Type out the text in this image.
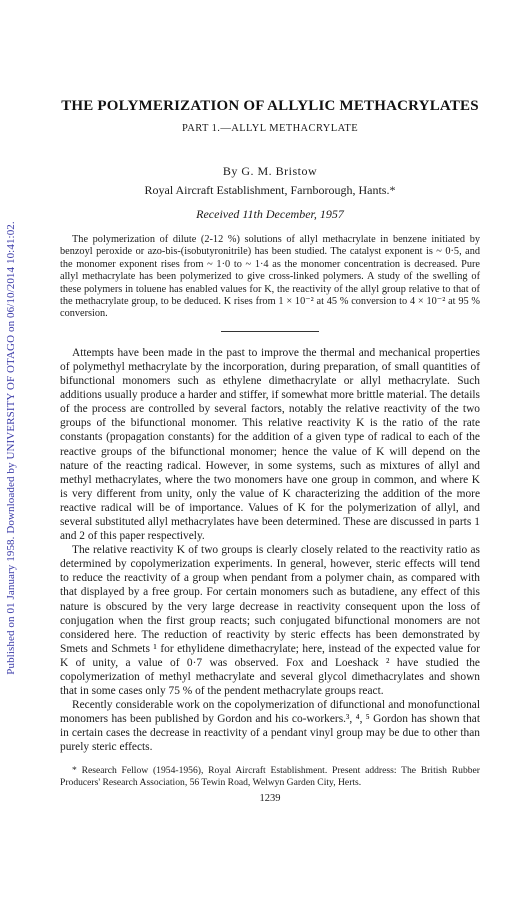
Published on 01 January 1958. Downloaded by UNIVERSITY OF OTAGO on 06/10/2014 10:41:02.
THE POLYMERIZATION OF ALLYLIC METHACRYLATES
PART 1.—ALLYL METHACRYLATE
By G. M. Bristow
Royal Aircraft Establishment, Farnborough, Hants.*
Received 11th December, 1957

The polymerization of dilute (2-12 %) solutions of allyl methacrylate in benzene initiated by benzoyl peroxide or azo-bis-(isobutyronitrile) has been studied. The catalyst exponent is ~ 0·5, and the monomer exponent rises from ~ 1·0 to ~ 1·4 as the monomer concentration is decreased. Pure allyl methacrylate has been polymerized to give cross-linked polymers. A study of the swelling of these polymers in toluene has enabled values for K, the reactivity of the allyl group relative to that of the methacrylate group, to be deduced. K rises from 1 × 10⁻² at 45 % conversion to 4 × 10⁻² at 95 % conversion.

Attempts have been made in the past to improve the thermal and mechanical properties of polymethyl methacrylate by the incorporation, during preparation, of small quantities of bifunctional monomers such as ethylene dimethacrylate or allyl methacrylate. Such additions usually produce a harder and stiffer, if somewhat more brittle material. The details of the process are controlled by several factors, notably the relative reactivity of the two groups of the bifunctional monomer. This relative reactivity K is the ratio of the rate constants (propagation constants) for the addition of a given type of radical to each of the reactive groups of the bifunctional monomer; hence the value of K will depend on the nature of the reacting radical. However, in some systems, such as mixtures of allyl and methyl methacrylates, where the two monomers have one group in common, and where K is very different from unity, only the value of K characterizing the addition of the more reactive radical will be of importance. Values of K for the polymerization of allyl, and several substituted allyl methacrylates have been determined. These are discussed in parts 1 and 2 of this paper respectively.

The relative reactivity K of two groups is clearly closely related to the reactivity ratio as determined by copolymerization experiments. In general, however, steric effects will tend to reduce the reactivity of a group when pendant from a polymer chain, as compared with that displayed by a free group. For certain monomers such as butadiene, any effect of this nature is obscured by the very large decrease in reactivity consequent upon the loss of conjugation when the first group reacts; such conjugated bifunctional monomers are not considered here. The reduction of reactivity by steric effects has been demonstrated by Smets and Schmets ¹ for ethylidene dimethacrylate; here, instead of the expected value for K of unity, a value of 0·7 was observed. Fox and Loeshack ² have studied the copolymerization of methyl methacrylate and several glycol dimethacrylates and shown that in some cases only 75 % of the pendent methacrylate groups react.

Recently considerable work on the copolymerization of difunctional and monofunctional monomers has been published by Gordon and his co-workers.³, ⁴, ⁵ Gordon has shown that in certain cases the decrease in reactivity of a pendant vinyl group may be due to other than purely steric effects.

* Research Fellow (1954-1956), Royal Aircraft Establishment. Present address: The British Rubber Producers' Research Association, 56 Tewin Road, Welwyn Garden City, Herts.

1239
